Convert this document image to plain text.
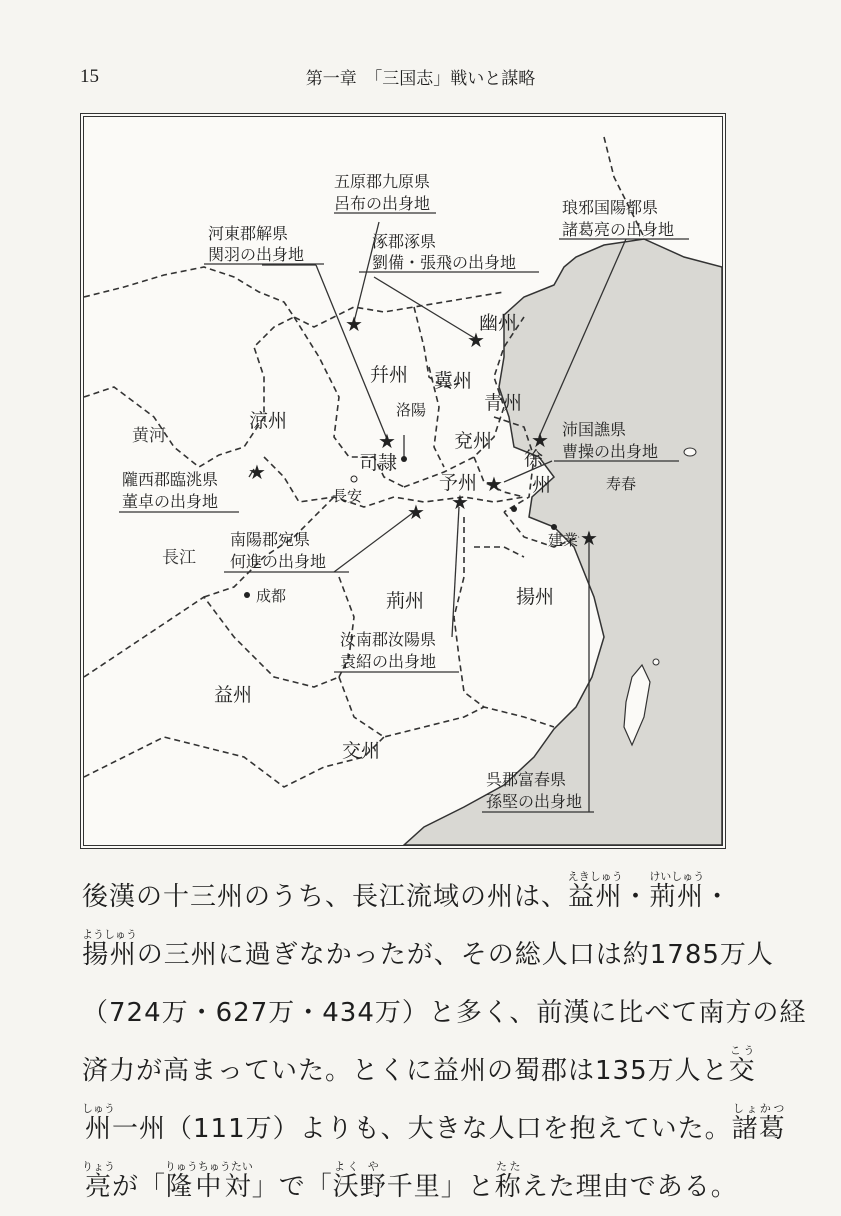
15	第一章　「三国志」戦いと謀略
★
★
★
★
★
★
★ ★
★
幽州
幷州 冀州
青州
涼州
兗州
司隷
予州
徐
州
荊州	揚州
益州
交州
黄河
長江
洛陽
長安
成都
寿春
建業
五原郡九原県
呂布の出身地
河東郡解県
関羽の出身地
涿郡涿県
劉備・張飛の出身地
琅邪国陽都県
諸葛亮の出身地
沛国譙県
曹操の出身地
隴西郡臨洮県
董卓の出身地
南陽郡宛県
何進の出身地
汝南郡汝陽県
袁紹の出身地
呉郡富春県
孫堅の出身地

後漢の十三州のうち、長江流域の州は、益州えきしゅう・荊州けいしゅう・

揚州ようしゅうの三州に過ぎなかったが、その総人口は約1785万人

（724万・627万・434万）と多く、前漢に比べて南方の経

済力が高まっていた。とくに益州の蜀郡は135万人と交こう

州しゅう一州（111万）よりも、大きな人口を抱えていた。諸葛しょかつ

亮りょうが「隆中対りゅうちゅうたい」で「沃よく野や千里」と称たたえた理由である。
